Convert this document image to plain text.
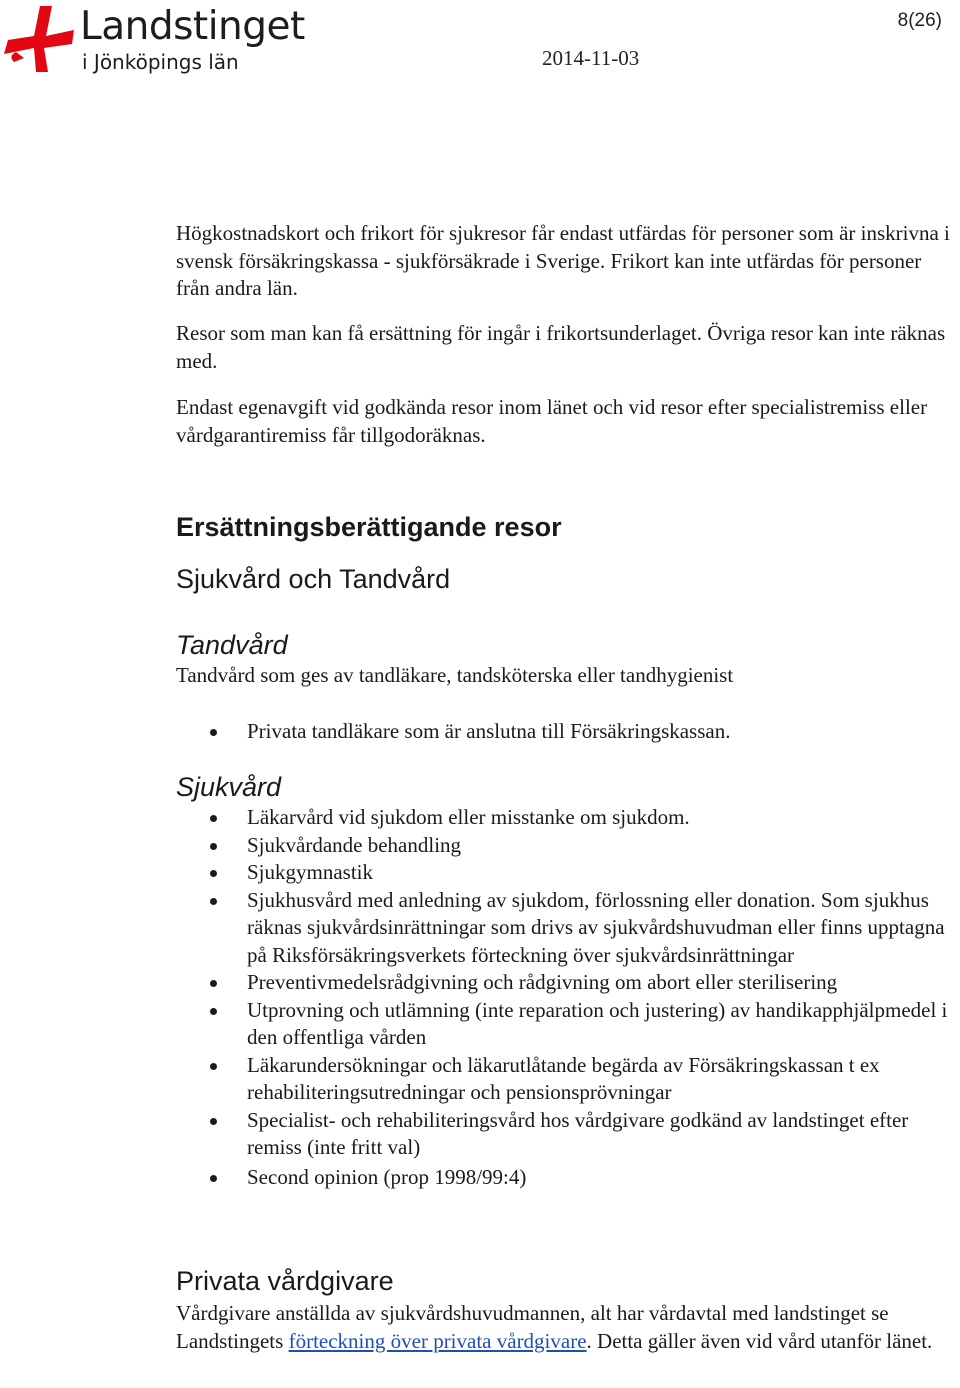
Landstinget
i Jönköpings län
8(26)
2014-11-03

Högkostnadskort och frikort för sjukresor får endast utfärdas för personer som är inskrivna i svensk försäkringskassa - sjukförsäkrade i Sverige. Frikort kan inte utfärdas för personer från andra län.

Resor som man kan få ersättning för ingår i frikortsunderlaget. Övriga resor kan inte räknas med.

Endast egenavgift vid godkända resor inom länet och vid resor efter specialistremiss eller vårdgarantiremiss får tillgodoräknas.

Ersättningsberättigande resor
Sjukvård och Tandvård
Tandvård

Tandvård som ges av tandläkare, tandsköterska eller tandhygienist

Privata tandläkare som är anslutna till Försäkringskassan.
Sjukvård
Läkarvård vid sjukdom eller misstanke om sjukdom.
Sjukvårdande behandling
Sjukgymnastik
Sjukhusvård med anledning av sjukdom, förlossning eller donation. Som sjukhus räknas sjukvårdsinrättningar som drivs av sjukvårdshuvudman eller finns upptagna på Riksförsäkringsverkets förteckning över sjukvårdsinrättningar
Preventivmedelsrådgivning och rådgivning om abort eller sterilisering
Utprovning och utlämning (inte reparation och justering) av handikapphjälpmedel i den offentliga vården
Läkarundersökningar och läkarutlåtande begärda av Försäkringskassan t ex rehabiliteringsutredningar och pensionsprövningar
Specialist- och rehabiliteringsvård hos vårdgivare godkänd av landstinget efter remiss (inte fritt val)
Second opinion (prop 1998/99:4)
Privata vårdgivare

Vårdgivare anställda av sjukvårdshuvudmannen, alt har vårdavtal med landstinget se Landstingets förteckning över privata vårdgivare. Detta gäller även vid vård utanför länet.
